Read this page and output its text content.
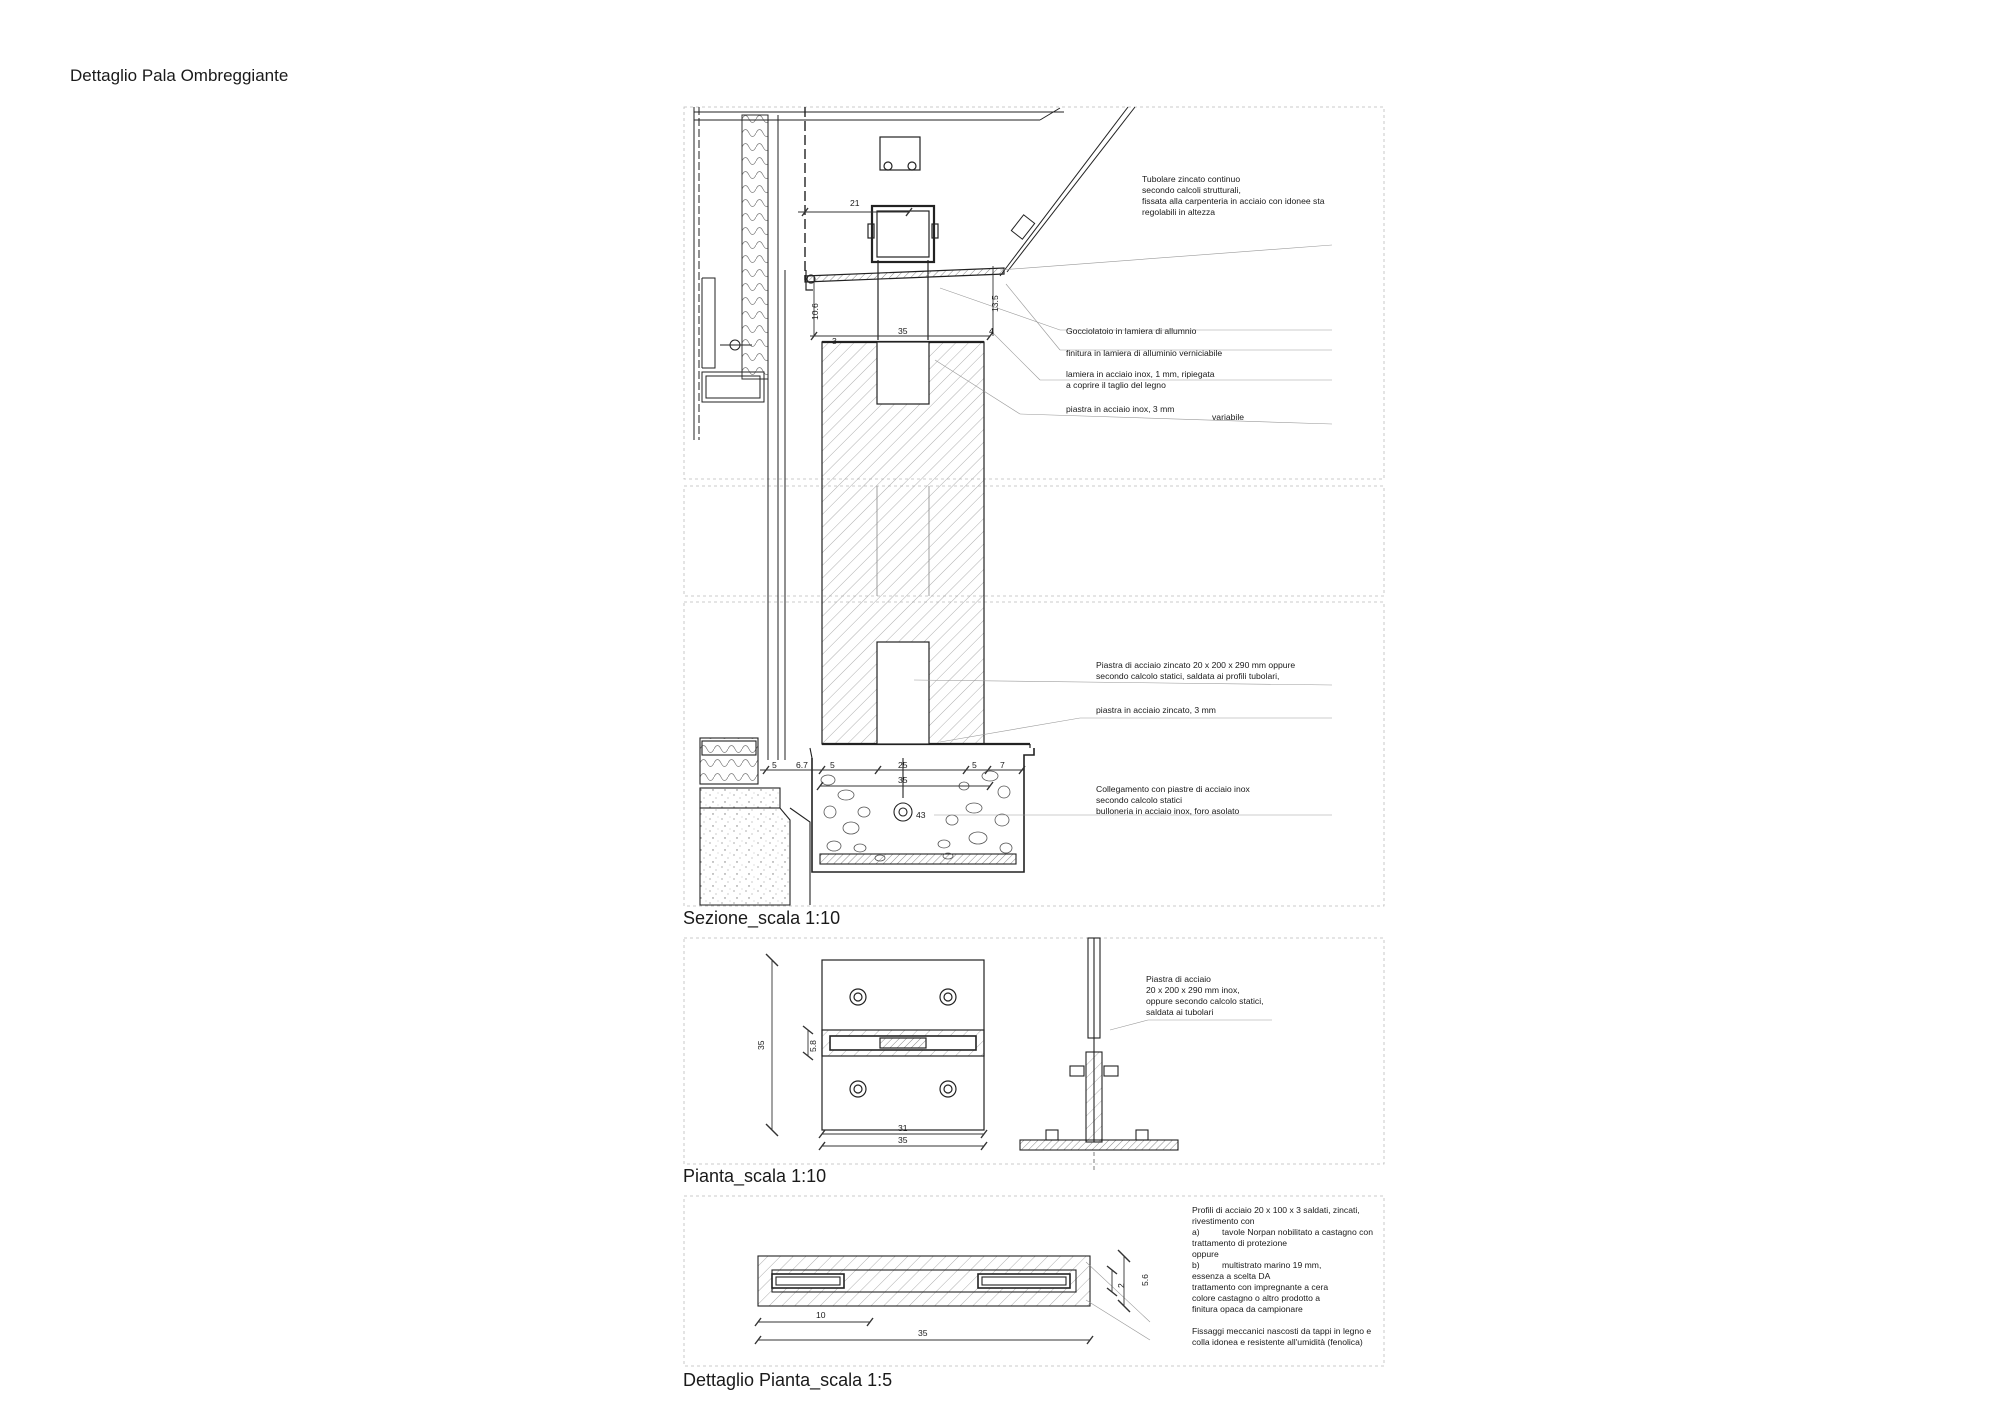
Dettaglio Pala Ombreggiante
21
10.6	13.5
35
3
4
5 6.7	5	25	5	7
35
43
Tubolare zincato continuo secondo calcoli strutturali, fissata alla carpenteria in acciaio con idonee sta regolabili in altezza
Gocciolatoio in lamiera di allumnio
finitura in lamiera di alluminio verniciabile
lamiera in acciaio inox, 1 mm, ripiegata a coprire il taglio del legno
piastra in acciaio inox, 3 mm
variabile
Piastra di acciaio zincato 20 x 200 x 290 mm oppure secondo calcolo statici, saldata ai profili tubolari,
piastra in acciaio zincato, 3 mm
Collegamento con piastre di acciaio inox secondo calcolo statici bulloneria in acciaio inox, foro asolato
35	5.8
31
35
Piastra di acciaio 20 x 200 x 290 mm inox, oppure secondo calcolo statici, saldata ai tubolari
10
35
2 5.6
Profili di acciaio 20 x 100 x 3 saldati, zincati, rivestimento con
a)	tavole Norpan nobilitato a castagno con trattamento di protezione
oppure
b)	multistrato marino 19 mm,
essenza a scelta DA trattamento con impregnante a cera colore castagno o altro prodotto a finitura opaca da campionare
Fissaggi meccanici nascosti da tappi in legno e colla idonea e resistente all'umidità (fenolica)
Sezione_scala 1:10
Pianta_scala 1:10
Dettaglio Pianta_scala 1:5
